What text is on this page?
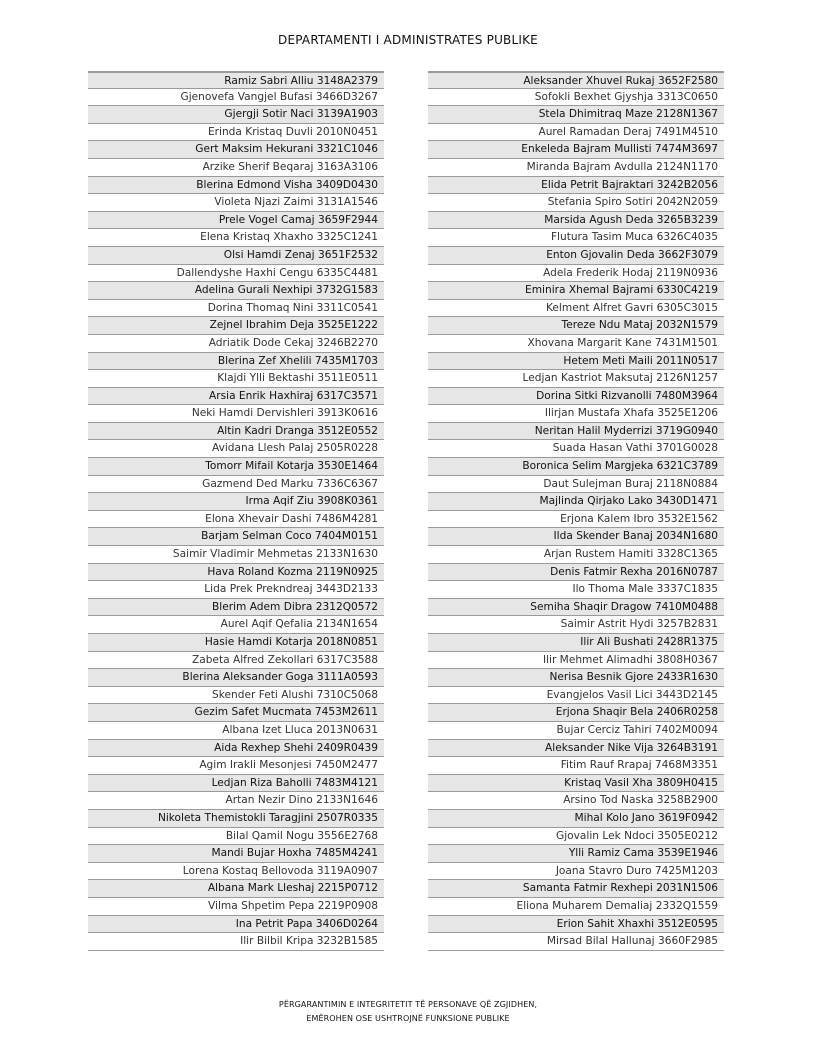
DEPARTAMENTI I ADMINISTRATES PUBLIKE
Ramiz Sabri Alliu 3148A2379
Gjenovefa Vangjel Bufasi 3466D3267
Gjergji Sotir Naci 3139A1903
Erinda Kristaq Duvli 2010N0451
Gert Maksim Hekurani 3321C1046
Arzike Sherif Beqaraj 3163A3106
Blerina Edmond Visha 3409D0430
Violeta Njazi Zaimi 3131A1546
Prele Vogel Camaj 3659F2944
Elena Kristaq Xhaxho 3325C1241
Olsi Hamdi Zenaj 3651F2532
Dallendyshe Haxhi Cengu 6335C4481
Adelina Gurali Nexhipi 3732G1583
Dorina Thomaq Nini 3311C0541
Zejnel Ibrahim Deja 3525E1222
Adriatik Dode Cekaj 3246B2270
Blerina Zef Xhelili 7435M1703
Klajdi Ylli Bektashi 3511E0511
Arsia Enrik Haxhiraj 6317C3571
Neki Hamdi Dervishleri 3913K0616
Altin Kadri Dranga 3512E0552
Avidana Llesh Palaj 2505R0228
Tomorr Mifail Kotarja 3530E1464
Gazmend Ded Marku 7336C6367
Irma Aqif Ziu 3908K0361
Elona Xhevair Dashi 7486M4281
Barjam Selman Coco 7404M0151
Saimir Vladimir Mehmetas 2133N1630
Hava Roland Kozma 2119N0925
Lida Prek Prekndreaj 3443D2133
Blerim Adem Dibra 2312Q0572
Aurel Aqif Qefalia 2134N1654
Hasie Hamdi Kotarja 2018N0851
Zabeta Alfred Zekollari 6317C3588
Blerina Aleksander Goga 3111A0593
Skender Feti Alushi 7310C5068
Gezim Safet Mucmata 7453M2611
Albana Izet Lluca 2013N0631
Aida Rexhep Shehi 2409R0439
Agim Irakli Mesonjesi 7450M2477
Ledjan Riza Baholli 7483M4121
Artan Nezir Dino 2133N1646
Nikoleta Themistokli Taragjini 2507R0335
Bilal Qamil Nogu 3556E2768
Mandi Bujar Hoxha 7485M4241
Lorena Kostaq Bellovoda 3119A0907
Albana Mark Lleshaj 2215P0712
Vilma Shpetim Pepa 2219P0908
Ina Petrit Papa 3406D0264
Ilir Bilbil Kripa 3232B1585
Aleksander Xhuvel Rukaj 3652F2580
Sofokli Bexhet Gjyshja 3313C0650
Stela Dhimitraq Maze 2128N1367
Aurel Ramadan Deraj 7491M4510
Enkeleda Bajram Mullisti 7474M3697
Miranda Bajram Avdulla 2124N1170
Elida Petrit Bajraktari 3242B2056
Stefania Spiro Sotiri 2042N2059
Marsida Agush Deda 3265B3239
Flutura Tasim Muca 6326C4035
Enton Gjovalin Deda 3662F3079
Adela Frederik Hodaj 2119N0936
Eminira Xhemal Bajrami 6330C4219
Kelment Alfret Gavri 6305C3015
Tereze Ndu Mataj 2032N1579
Xhovana Margarit Kane 7431M1501
Hetem Meti Maili 2011N0517
Ledjan Kastriot Maksutaj 2126N1257
Dorina Sitki Rizvanolli 7480M3964
Ilirjan Mustafa Xhafa 3525E1206
Neritan Halil Myderrizi 3719G0940
Suada Hasan Vathi 3701G0028
Boronica Selim Margjeka 6321C3789
Daut Sulejman Buraj 2118N0884
Majlinda Qirjako Lako 3430D1471
Erjona Kalem Ibro 3532E1562
Ilda Skender Banaj 2034N1680
Arjan Rustem Hamiti 3328C1365
Denis Fatmir Rexha 2016N0787
Ilo Thoma Male 3337C1835
Semiha Shaqir Dragow 7410M0488
Saimir Astrit Hydi 3257B2831
Ilir Ali Bushati 2428R1375
Ilir Mehmet Alimadhi 3808H0367
Nerisa Besnik Gjore 2433R1630
Evangjelos Vasil Lici 3443D2145
Erjona Shaqir Bela 2406R0258
Bujar Cerciz Tahiri 7402M0094
Aleksander Nike Vija 3264B3191
Fitim Rauf Rrapaj 7468M3351
Kristaq Vasil Xha 3809H0415
Arsino Tod Naska 3258B2900
Mihal Kolo Jano 3619F0942
Gjovalin Lek Ndoci 3505E0212
Ylli Ramiz Cama 3539E1946
Joana Stavro Duro 7425M1203
Samanta Fatmir Rexhepi 2031N1506
Eliona Muharem Demaliaj 2332Q1559
Erion Sahit Xhaxhi 3512E0595
Mirsad Bilal Hallunaj 3660F2985
PËRGARANTIMIN E INTEGRITETIT TË PERSONAVE QË ZGJIDHEN,
EMËROHEN OSE USHTROJNË FUNKSIONE PUBLIKE
